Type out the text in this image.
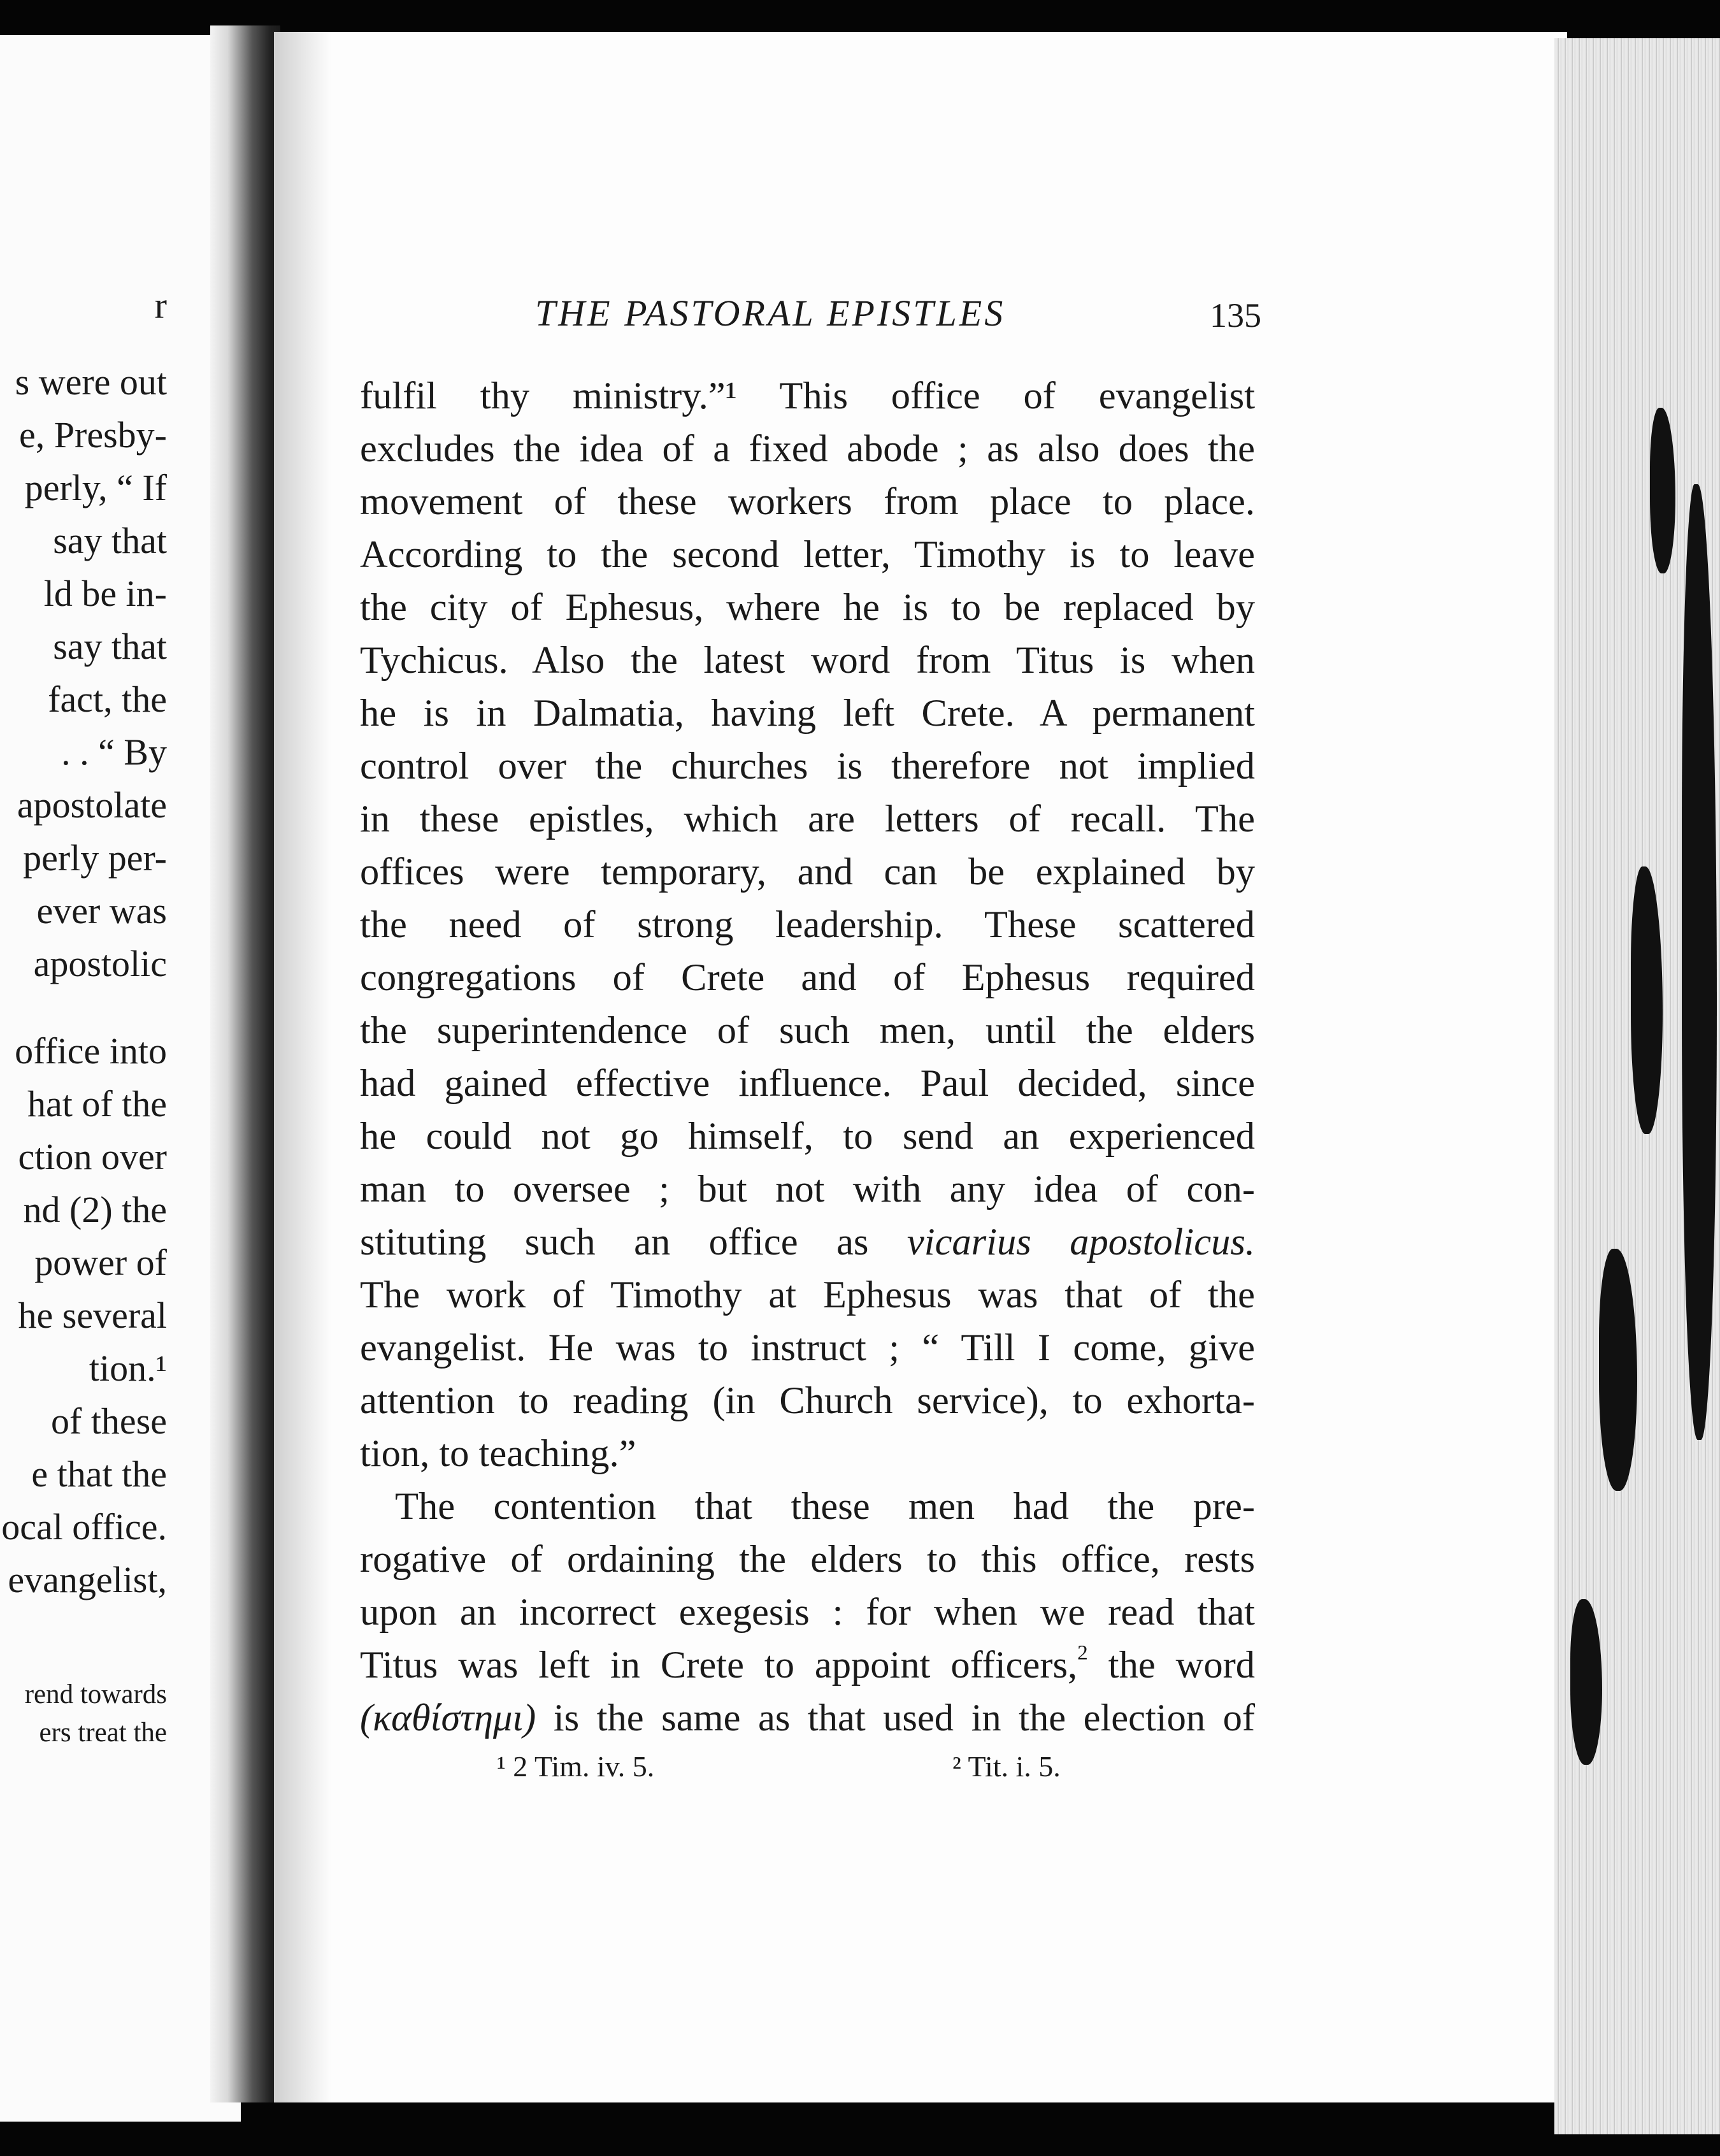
r
s were out
e, Presby-
perly, “ If
say that
ld be in-
say that
fact, the
. . “ By
apostolate
perly per-
ever was
apostolic
office into
hat of the
ction over
nd (2) the
power of
he several
tion.¹
of these
e that the
ocal office.
evangelist,
rend towards
ers treat the
THE PASTORAL EPISTLES	135
fulfil thy ministry.”¹ This office of evangelist
excludes the idea of a fixed abode ; as also does the
movement of these workers from place to place.
According to the second letter, Timothy is to leave
the city of Ephesus, where he is to be replaced by
Tychicus. Also the latest word from Titus is when
he is in Dalmatia, having left Crete. A permanent
control over the churches is therefore not implied
in these epistles, which are letters of recall. The
offices were temporary, and can be explained by
the need of strong leadership. These scattered
congregations of Crete and of Ephesus required
the superintendence of such men, until the elders
had gained effective influence. Paul decided, since
he could not go himself, to send an experienced
man to oversee ; but not with any idea of con-
stituting such an office as vicarius apostolicus.
The work of Timothy at Ephesus was that of the
evangelist. He was to instruct ; “ Till I come, give
attention to reading (in Church service), to exhorta-
tion, to teaching.”
The contention that these men had the pre-
rogative of ordaining the elders to this office, rests
upon an incorrect exegesis : for when we read that
Titus was left in Crete to appoint officers,$^2$ the word
(καθίστημι) is the same as that used in the election of
¹ 2 Tim. iv. 5.	² Tit. i. 5.
